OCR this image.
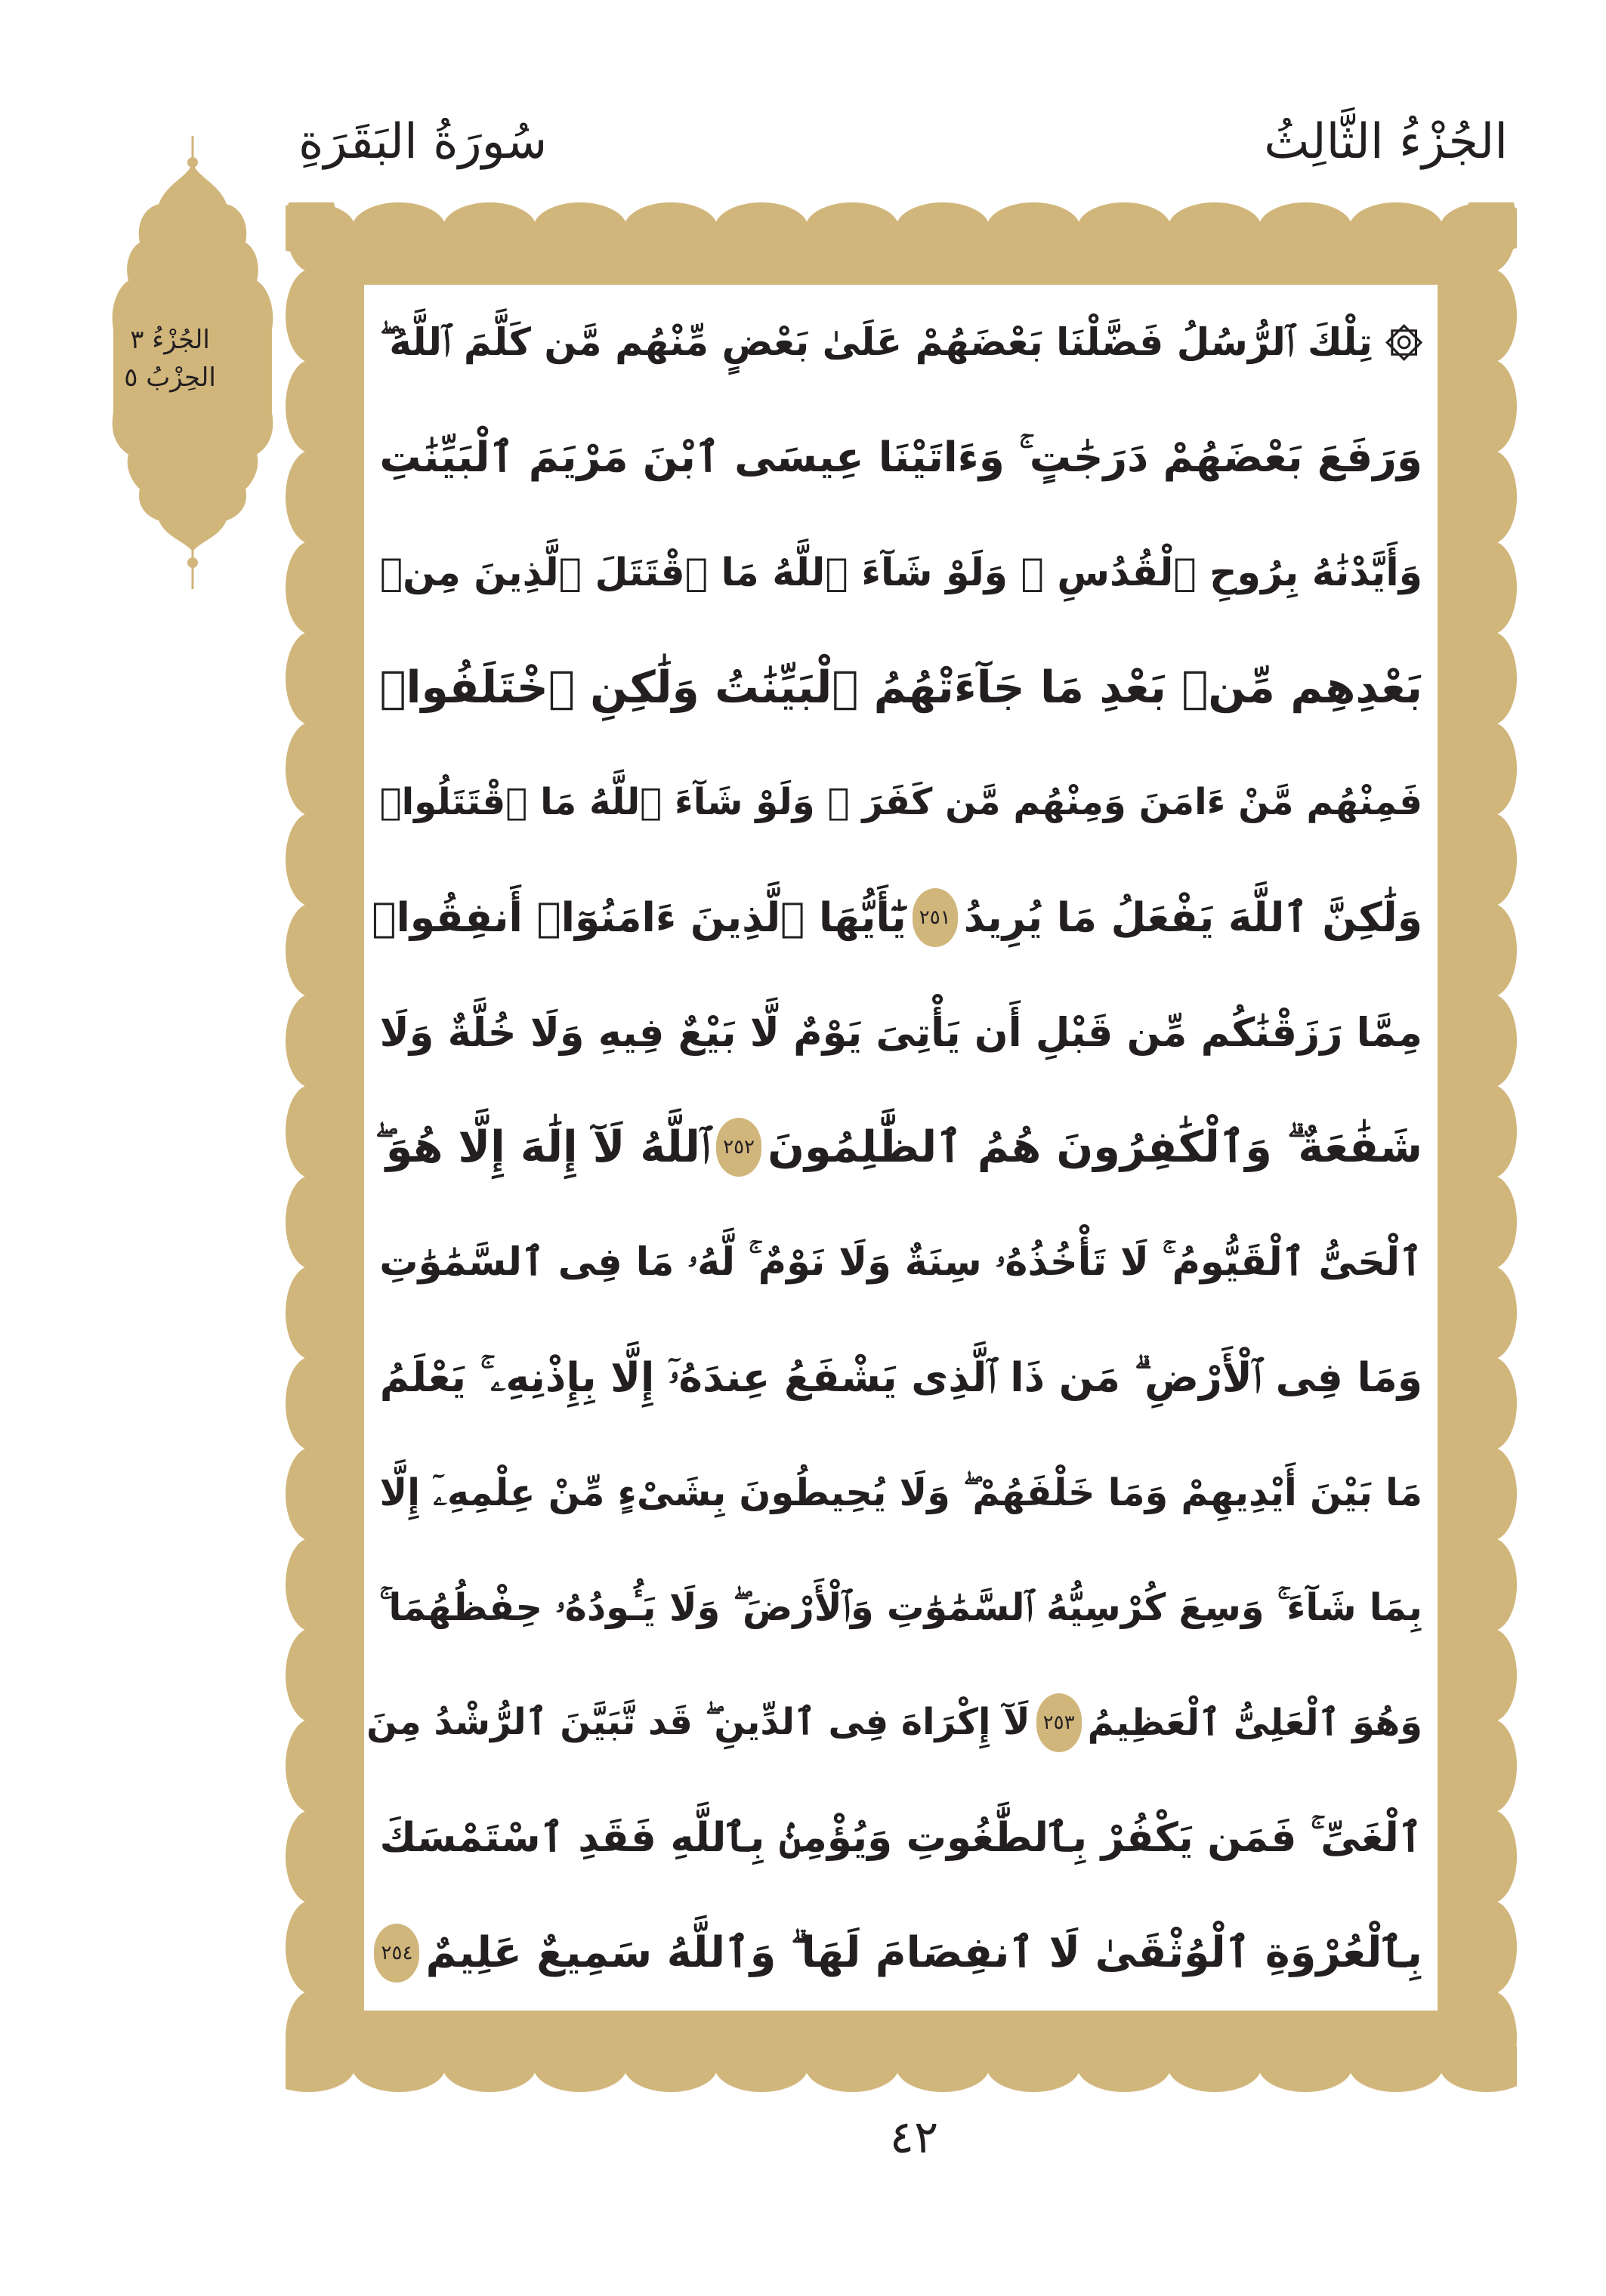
الجُزْءُ الثَّالِثُ
سُورَةُ البَقَرَةِ
الجُزْءُ ٣
الحِزْبُ ٥
۞ تِلْكَ ٱلرُّسُلُ فَضَّلْنَا بَعْضَهُمْ عَلَىٰ بَعْضٍ مِّنْهُم مَّن كَلَّمَ ٱللَّهُ ۖ
وَرَفَعَ بَعْضَهُمْ دَرَجَٰتٍ ۚ وَءَاتَيْنَا عِيسَى ٱبْنَ مَرْيَمَ ٱلْبَيِّنَٰتِ
وَأَيَّدْنَٰهُ بِرُوحِ ٱلْقُدُسِ ۗ وَلَوْ شَآءَ ٱللَّهُ مَا ٱقْتَتَلَ ٱلَّذِينَ مِنۢ
بَعْدِهِم مِّنۢ بَعْدِ مَا جَآءَتْهُمُ ٱلْبَيِّنَٰتُ وَلَٰكِنِ ٱخْتَلَفُوا۟
فَمِنْهُم مَّنْ ءَامَنَ وَمِنْهُم مَّن كَفَرَ ۚ وَلَوْ شَآءَ ٱللَّهُ مَا ٱقْتَتَلُوا۟
وَلَٰكِنَّ ٱللَّهَ يَفْعَلُ مَا يُرِيدُ
٢٥١
يَٰٓأَيُّهَا ٱلَّذِينَ ءَامَنُوٓا۟ أَنفِقُوا۟
مِمَّا رَزَقْنَٰكُم مِّن قَبْلِ أَن يَأْتِىَ يَوْمٌ لَّا بَيْعٌ فِيهِ وَلَا خُلَّةٌ وَلَا
شَفَٰعَةٌ ۗ وَٱلْكَٰفِرُونَ هُمُ ٱلظَّٰلِمُونَ
٢٥٢
ٱللَّهُ لَآ إِلَٰهَ إِلَّا هُوَ ۖ
ٱلْحَىُّ ٱلْقَيُّومُ ۚ لَا تَأْخُذُهُۥ سِنَةٌ وَلَا نَوْمٌ ۚ لَّهُۥ مَا فِى ٱلسَّمَٰوَٰتِ
وَمَا فِى ٱلْأَرْضِ ۗ مَن ذَا ٱلَّذِى يَشْفَعُ عِندَهُۥٓ إِلَّا بِإِذْنِهِۦ ۚ يَعْلَمُ
مَا بَيْنَ أَيْدِيهِمْ وَمَا خَلْفَهُمْ ۖ وَلَا يُحِيطُونَ بِشَىْءٍ مِّنْ عِلْمِهِۦٓ إِلَّا
بِمَا شَآءَ ۚ وَسِعَ كُرْسِيُّهُ ٱلسَّمَٰوَٰتِ وَٱلْأَرْضَ ۖ وَلَا يَـُٔودُهُۥ حِفْظُهُمَا ۚ
وَهُوَ ٱلْعَلِىُّ ٱلْعَظِيمُ
٢٥٣
لَآ إِكْرَاهَ فِى ٱلدِّينِ ۖ قَد تَّبَيَّنَ ٱلرُّشْدُ مِنَ
ٱلْغَىِّ ۚ فَمَن يَكْفُرْ بِٱلطَّٰغُوتِ وَيُؤْمِنۢ بِٱللَّهِ فَقَدِ ٱسْتَمْسَكَ
بِٱلْعُرْوَةِ ٱلْوُثْقَىٰ لَا ٱنفِصَامَ لَهَا ۗ وَٱللَّهُ سَمِيعٌ عَلِيمٌ
٢٥٤
٤٢
